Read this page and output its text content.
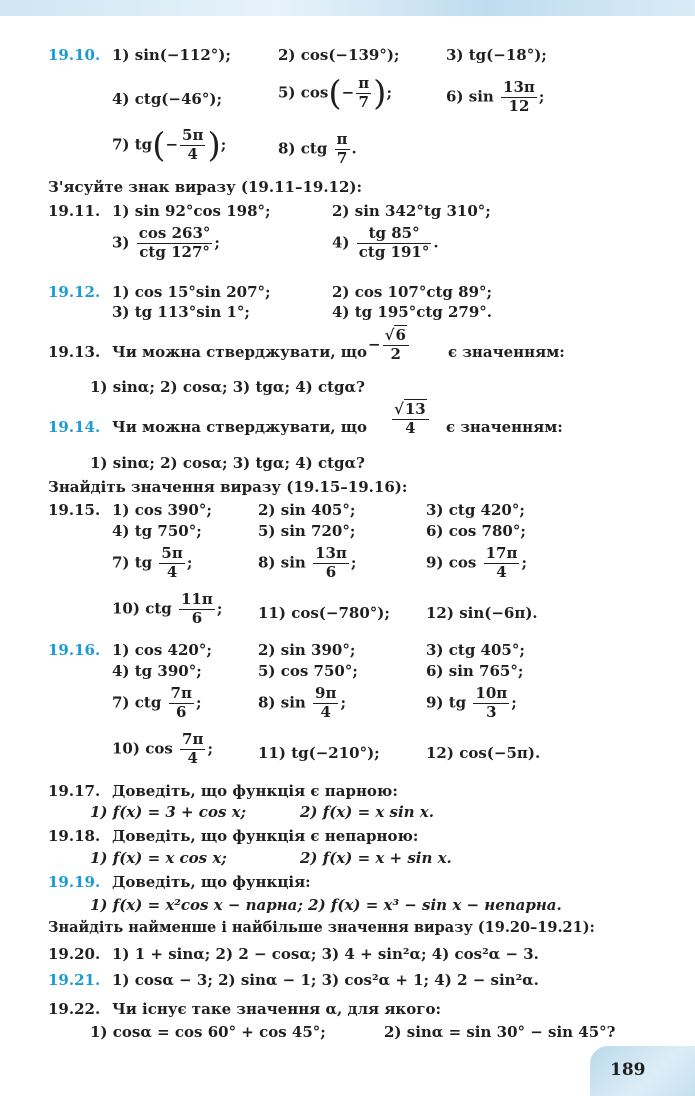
19.10. 1) sin(−112°);	2) cos(−139°);	3) tg(−18°);
4) ctg(−46°);	5) $\cos(- \frac{\pi}{7}$ );	6) $\sin \frac{13\pi}{12}$ ;
7) $tg(- \frac{5\pi}{4}$ );	8) ctg $\frac{\pi}{7}$ .
З'ясуйте знак виразу (19.11–19.12):
19.11. 1) sin 92°cos 198°;	2) sin 342°tg 310°;
$3) \frac{\cos 263^\circ}{\text{ctg 127°}}$ ;	$4) \frac{tg 85^\circ}{\text{ctg 191°}}$ .
19.12. 1) cos 15°sin 207°;	2) cos 107°ctg 89°;
3) tg 113°sin 1°;	4) tg 195°ctg 279°.
19.13. Чи можна стверджувати, що − $\frac{√6}{2}$	є значенням:
1) sinα; 2) cosα; 3) tgα; 4) ctgα?
19.14. Чи можна стверджувати, що $\frac{√13}{4}$ є значенням:
1) sinα; 2) cosα; 3) tgα; 4) ctgα?
Знайдіть значення виразу (19.15–19.16):
19.15. 1) cos 390°;	2) sin 405°;	3) ctg 420°;
4) tg 750°;	5) sin 720°;	6) cos 780°;
7) tg $\frac{5\pi}{4}$ ;	8) $\sin \frac{13\pi}{6}$ ;	9) $\cos \frac{17\pi}{4}$ ;
10) ctg $\frac{11\pi}{6}$ ; 11) cos(−780°); 12) sin(−6π).
19.16. 1) cos 420°;	2) sin 390°;	3) ctg 405°;
4) tg 390°;	5) cos 750°;	6) sin 765°;
7) ctg $\frac{7\pi}{6}$ ;	8) $\sin \frac{9\pi}{4}$ ;	9) tg $\frac{10\pi}{3}$ ;
10) $\cos \frac{7\pi}{4}$ ;	11) tg(−210°);	12) cos(−5π).
19.17. Доведіть, що функція є парною:
1) f(x) = 3 + cos x;	2) f(x) = x sin x.
19.18. Доведіть, що функція є непарною:
1) f(x) = x cos x;	2) f(x) = x + sin x.
19.19. Доведіть, що функція:
1) f(x) = x²cos x − парна; 2) f(x) = x³ − sin x − непарна.
Знайдіть найменше і найбільше значення виразу (19.20–19.21):
19.20. 1) 1 + sinα; 2) 2 − cosα; 3) 4 + sin²α; 4) cos²α − 3.
19.21. 1) cosα − 3; 2) sinα − 1; 3) cos²α + 1; 4) 2 − sin²α.
19.22. Чи існує таке значення α, для якого:
1) cosα = cos 60° + cos 45°;	2) sinα = sin 30° − sin 45°?
189
